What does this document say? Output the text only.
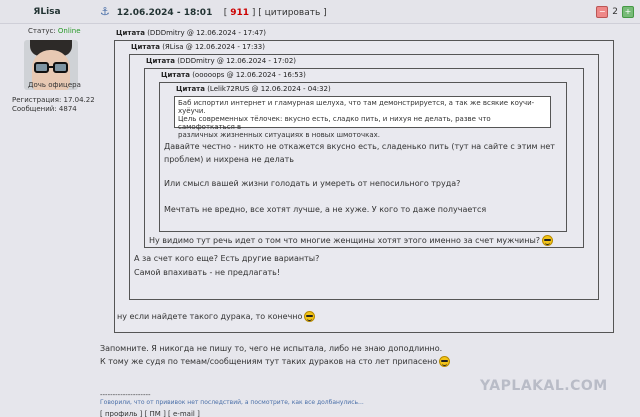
ЯLisa	⚓ 12.06.2024 - 18:01 [ 911 ] [ цитировать ]	− 2 +
Статус: Online
Дочь офицера
Регистрация: 17.04.22
Сообщений: 4874
Цитата (DDDmitry @ 12.06.2024 - 17:47)
Цитата (ЯLisa @ 12.06.2024 - 17:33)
Цитата (DDDmitry @ 12.06.2024 - 17:02)
Цитата (ooooops @ 12.06.2024 - 16:53)
Цитата (Lelik72RUS @ 12.06.2024 - 04:32)
Баб испортил интернет и гламурная шелуха, что там демонстрируется, а так же всякие коучи-хуёучи.
Цель современных тёлочек: вкусно есть, сладко пить, и нихуя не делать, разве что самофоткаться в
различных жизненных ситуациях в новых шмоточках.
Давайте честно - никто не откажется вкусно есть, сладенько пить (тут на сайте с этим нет
проблем) и нихрена не делать
Или смысл вашей жизни голодать и умереть от непосильного труда?
Мечтать не вредно, все хотят лучше, а не хуже. У кого то даже получается
Ну видимо тут речь идет о том что многие женщины хотят этого именно за счет мужчины?
А за счет кого еще? Есть другие варианты?
Самой впахивать - не предлагать!
ну если найдете такого дурака, то конечно
Запомните. Я никогда не пишу то, чего не испытала, либо не знаю доподлинно.
К тому же судя по темам/сообщениям тут таких дураков на сто лет припасено
YAPLAKAL.COM
--------------------
Говорили, что от прививок нет последствий, а посмотрите, как все долбанулись...
[ профиль ] [ ПМ ] [ e-mail ]
